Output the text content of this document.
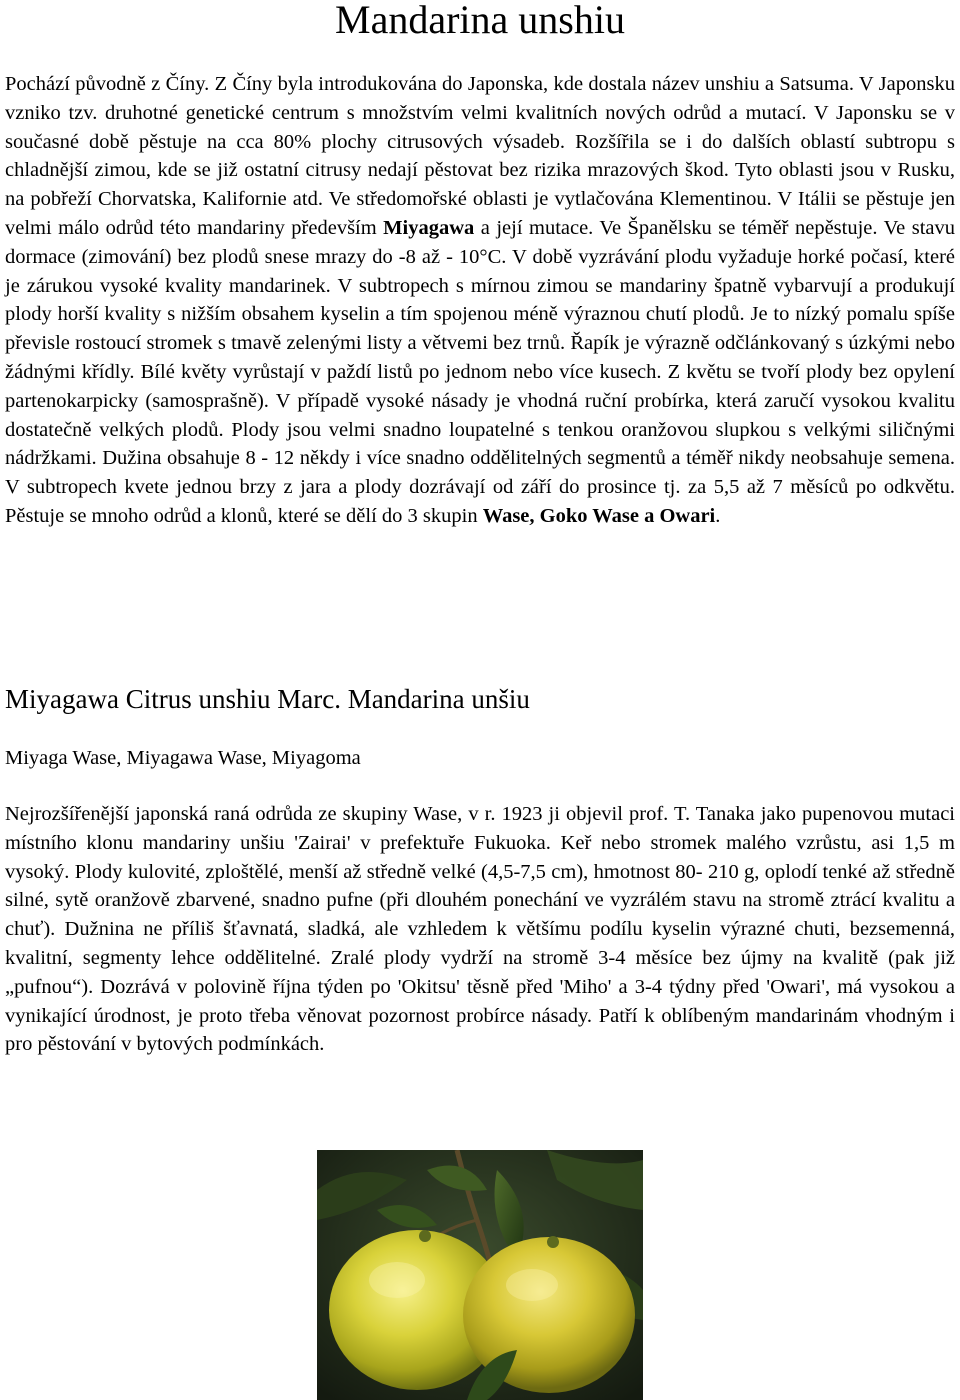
Mandarina unshiu

Pochází původně z Číny. Z Číny byla introdukována do Japonska, kde dostala název unshiu a Satsuma. V Japonsku vzniko tzv. druhotné genetické centrum s množstvím velmi kvalitních nových odrůd a mutací. V Japonsku se v současné době pěstuje na cca 80% plochy citrusových výsadeb. Rozšířila se i do dalších oblastí subtropu s chladnější zimou, kde se již ostatní citrusy nedají pěstovat bez rizika mrazových škod. Tyto oblasti jsou v Rusku, na pobřeží Chorvatska, Kalifornie atd. Ve středomořské oblasti je vytlačována Klementinou. V Itálii se pěstuje jen velmi málo odrůd této mandariny především Miyagawa a její mutace. Ve Španělsku se téměř nepěstuje. Ve stavu dormace (zimování) bez plodů snese mrazy do -8 až - 10°C. V době vyzrávání plodu vyžaduje horké počasí, které je zárukou vysoké kvality mandarinek. V subtropech s mírnou zimou se mandariny špatně vybarvují a produkují plody horší kvality s nižším obsahem kyselin a tím spojenou méně výraznou chutí plodů. Je to nízký pomalu spíše převisle rostoucí stromek s tmavě zelenými listy a větvemi bez trnů. Řapík je výrazně odčlánkovaný s úzkými nebo žádnými křídly. Bílé květy vyrůstají v paždí listů po jednom nebo více kusech. Z květu se tvoří plody bez opylení partenokarpicky (samosprašně). V případě vysoké násady je vhodná ruční probírka, která zaručí vysokou kvalitu dostatečně velkých plodů. Plody jsou velmi snadno loupatelné s tenkou oranžovou slupkou s velkými siličnými nádržkami. Dužina obsahuje 8 - 12 někdy i více snadno oddělitelných segmentů a téměř nikdy neobsahuje semena. V subtropech kvete jednou brzy z jara a plody dozrávají od září do prosince tj. za 5,5 až 7 měsíců po odkvětu. Pěstuje se mnoho odrůd a klonů, které se dělí do 3 skupin Wase, Goko Wase a Owari.

Miyagawa Citrus unshiu Marc. Mandarina unšiu

Miyaga Wase, Miyagawa Wase, Miyagoma

Nejrozšířenější japonská raná odrůda ze skupiny Wase, v r. 1923 ji objevil prof. T. Tanaka jako pupenovou mutaci místního klonu mandariny unšiu 'Zairai' v prefektuře Fukuoka. Keř nebo stromek malého vzrůstu, asi 1,5 m vysoký. Plody kulovité, zploštělé, menší až středně velké (4,5-7,5 cm), hmotnost 80- 210 g, oplodí tenké až středně silné, sytě oranžově zbarvené, snadno pufne (při dlouhém ponechání ve vyzrálém stavu na stromě ztrácí kvalitu a chuť). Dužnina ne příliš šťavnatá, sladká, ale vzhledem k většímu podílu kyselin výrazné chuti, bezsemenná, kvalitní, segmenty lehce oddělitelné. Zralé plody vydrží na stromě 3-4 měsíce bez újmy na kvalitě (pak již „pufnou“). Dozrává v polovině října týden po 'Okitsu' těsně před 'Miho' a 3-4 týdny před 'Owari', má vysokou a vynikající úrodnost, je proto třeba věnovat pozornost probírce násady. Patří k oblíbeným mandarinám vhodným i pro pěstování v bytových podmínkách.
